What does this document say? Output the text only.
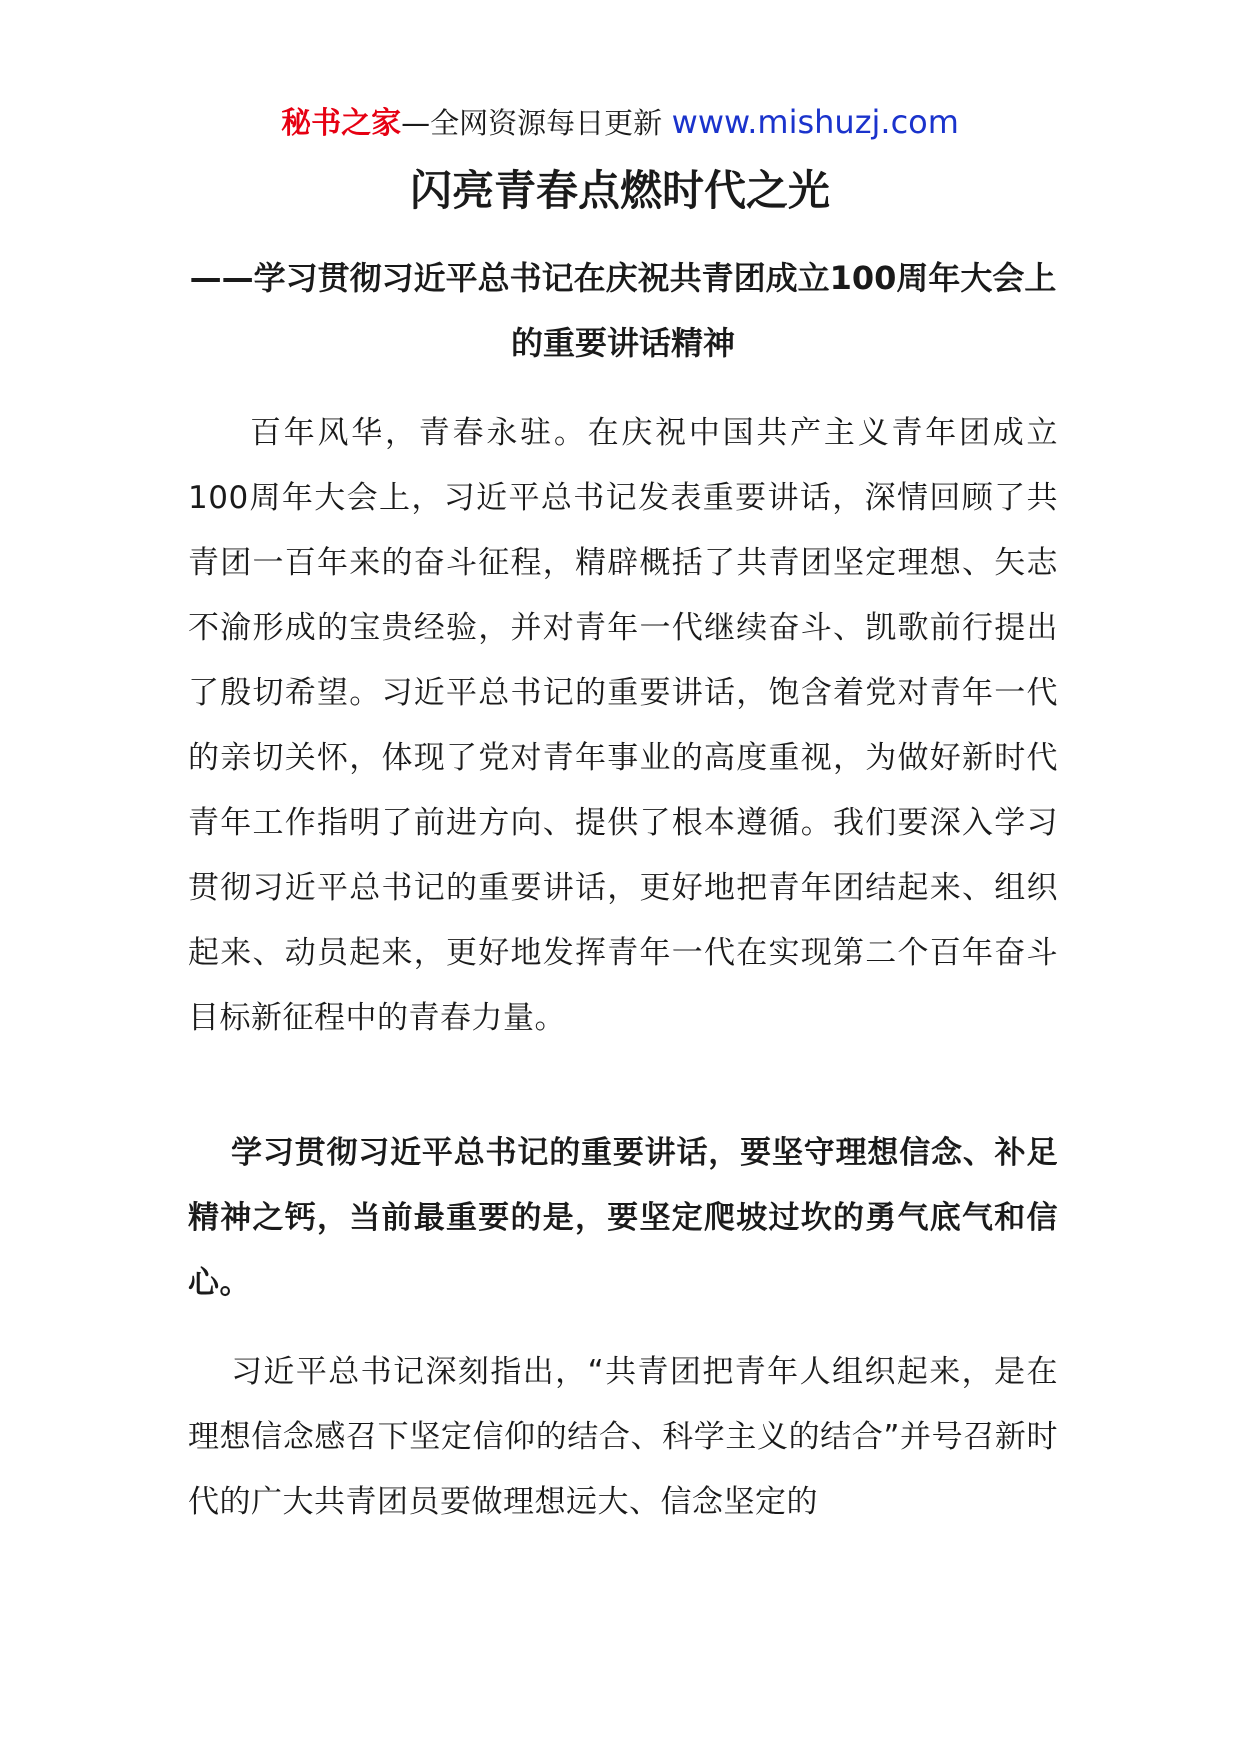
秘书之家—全网资源每日更新 www.mishuzj.com
闪亮青春点燃时代之光
——学习贯彻习近平总书记在庆祝共青团成立100周年大会上的重要讲话精神

百年风华，青春永驻。在庆祝中国共产主义青年团成立100周年大会上，习近平总书记发表重要讲话，深情回顾了共青团一百年来的奋斗征程，精辟概括了共青团坚定理想、矢志不渝形成的宝贵经验，并对青年一代继续奋斗、凯歌前行提出了殷切希望。习近平总书记的重要讲话，饱含着党对青年一代的亲切关怀，体现了党对青年事业的高度重视，为做好新时代青年工作指明了前进方向、提供了根本遵循。我们要深入学习贯彻习近平总书记的重要讲话，更好地把青年团结起来、组织起来、动员起来，更好地发挥青年一代在实现第二个百年奋斗目标新征程中的青春力量。

学习贯彻习近平总书记的重要讲话，要坚守理想信念、补足精神之钙，当前最重要的是，要坚定爬坡过坎的勇气底气和信心。

习近平总书记深刻指出，“共青团把青年人组织起来，是在理想信念感召下坚定信仰的结合、科学主义的结合”并号召新时代的广大共青团员要做理想远大、信念坚定的
